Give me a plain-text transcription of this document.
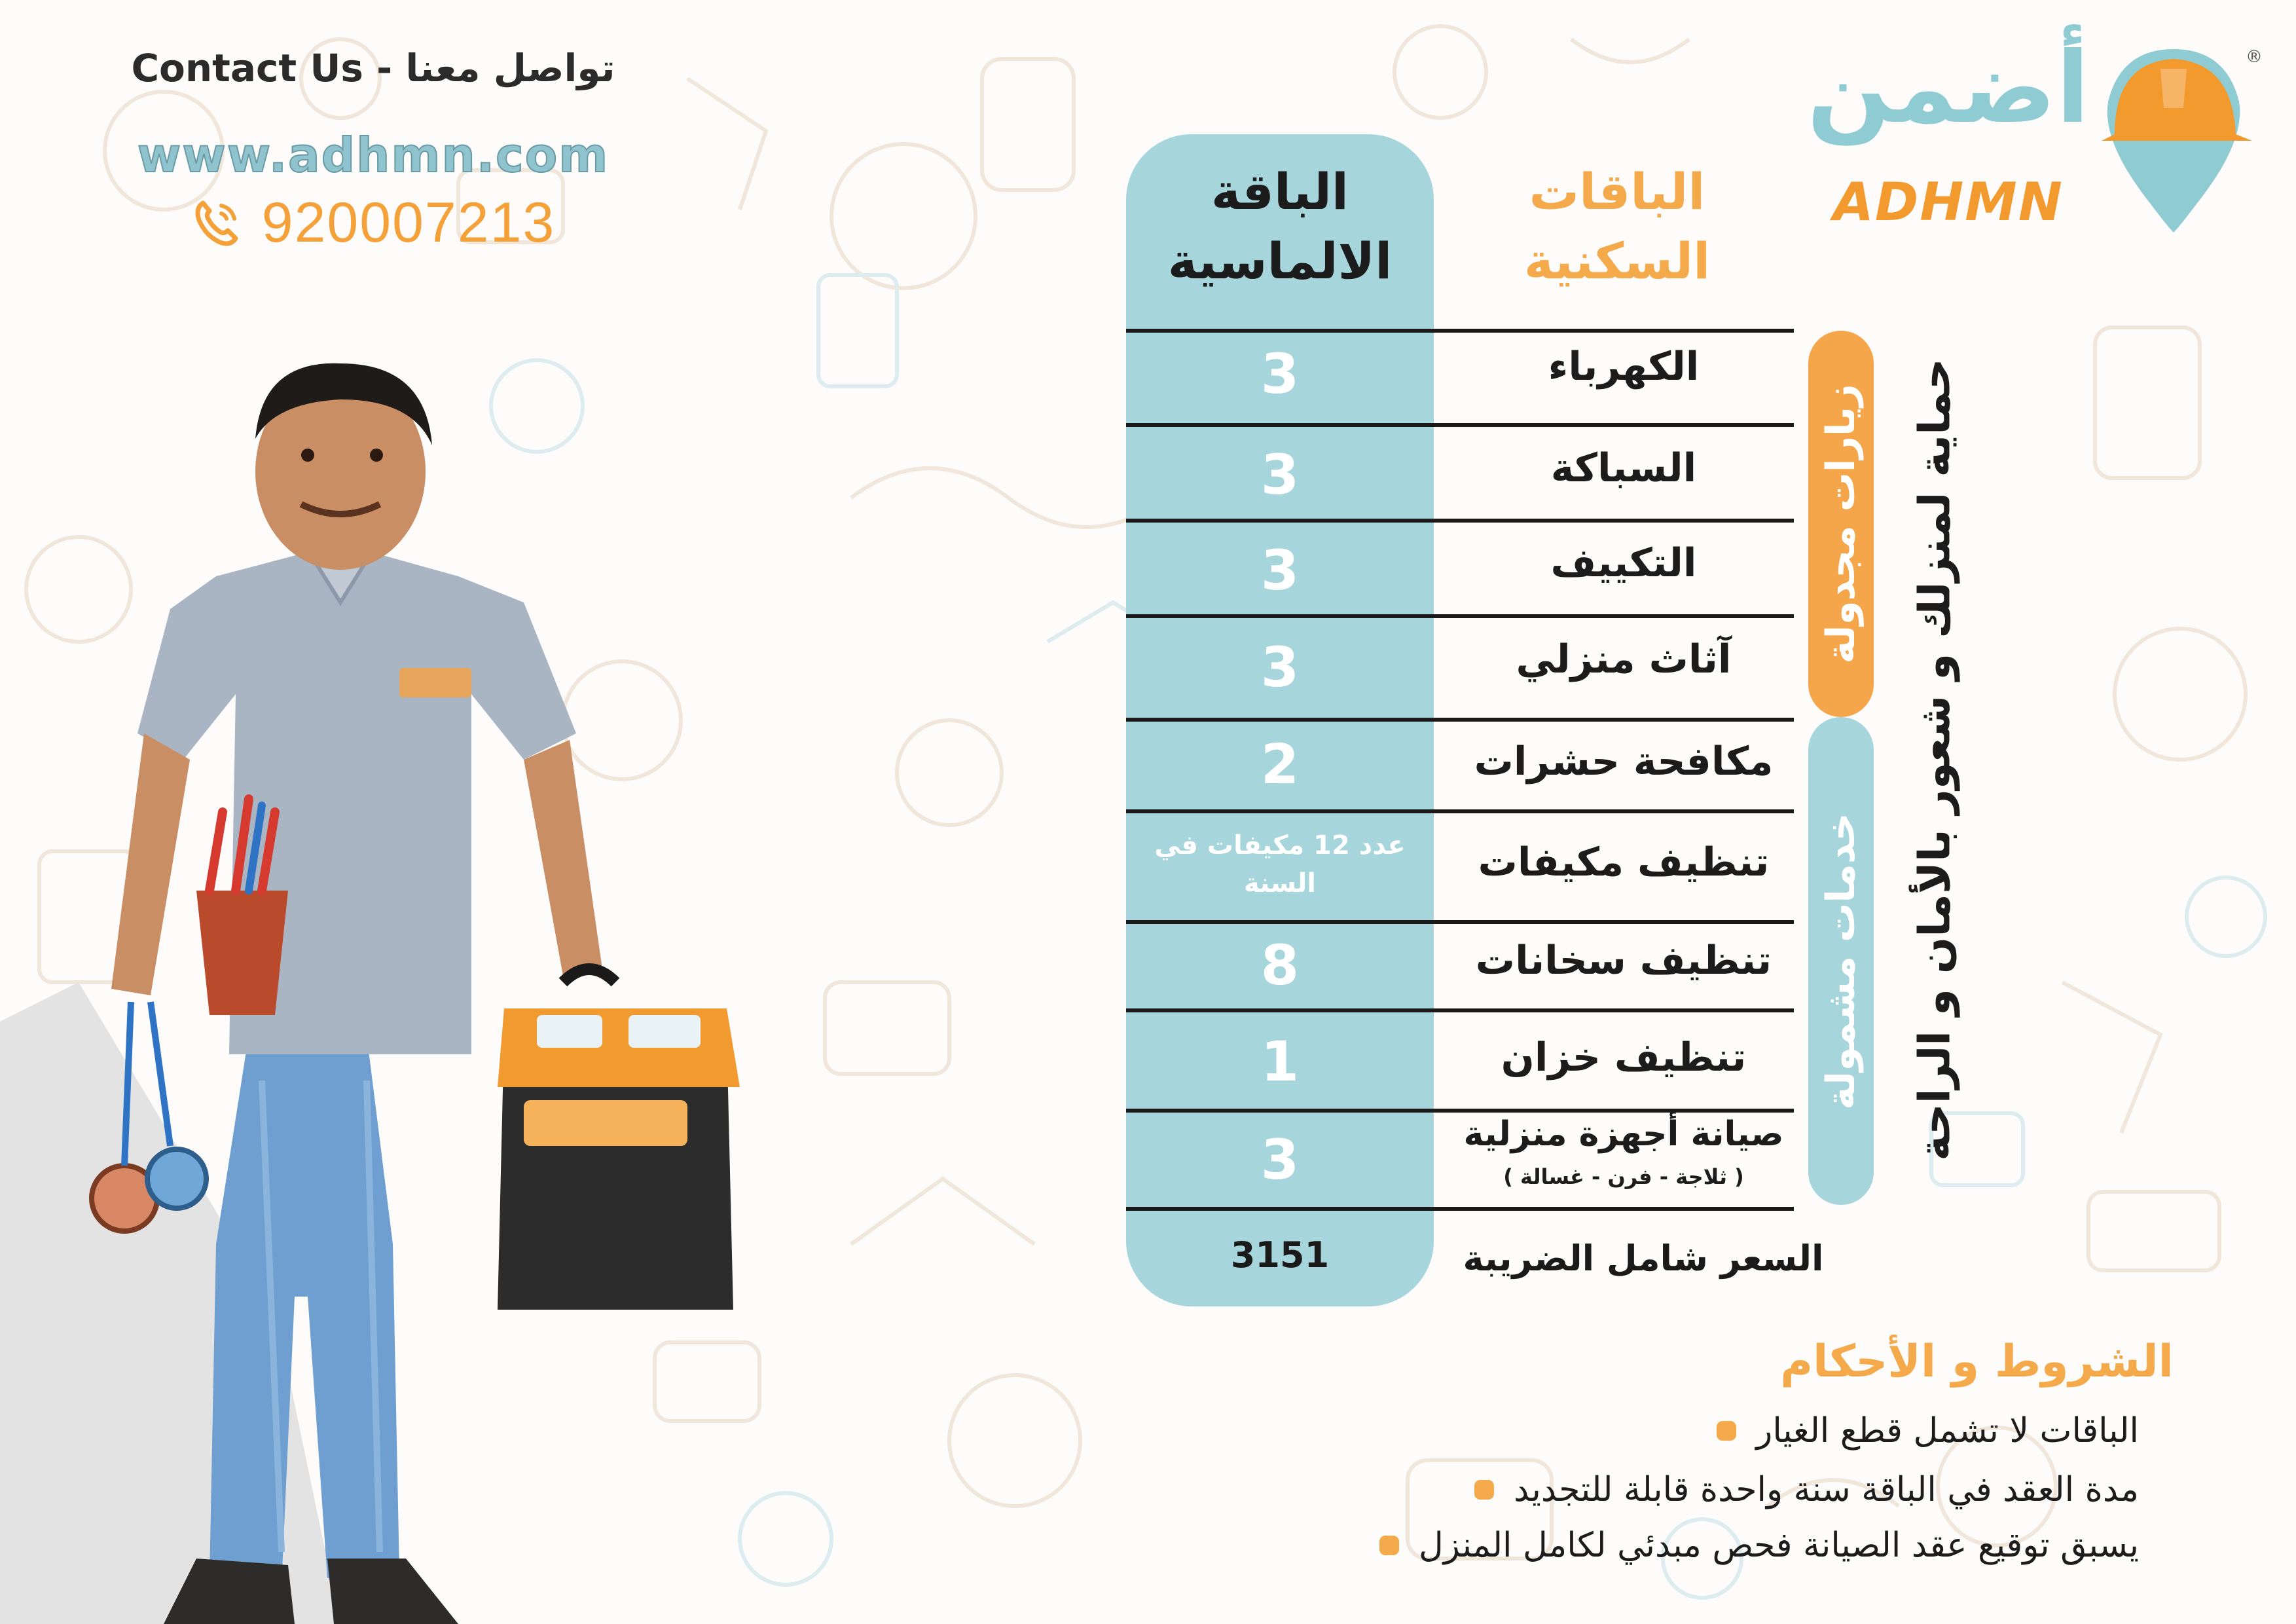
Contact Us - تواصل معنا
www.adhmn.com
920007213
®
أضمن
ADHMN
الباقة الالماسية
الباقات السكنية
3	الكهرباء
3	السباكة
3	التكييف
3	آثاث منزلي
2	مكافحة حشرات
عدد 12 مكيفات في السنة	تنظيف مكيفات
8	تنظيف سخانات
1	تنظيف خزان
3	صيانة أجهزة منزلية
( ثلاجة - فرن - غسالة )
3151	السعر شامل الضريبة
زيارات مجدولة
خدمات مشمولة حماية لمنزلك و شعور بالأمان و الراحة
الشروط و الأحكام
الباقات لا تشمل قطع الغيار
مدة العقد في الباقة سنة واحدة قابلة للتجديد
يسبق توقيع عقد الصيانة فحص مبدئي لكامل المنزل
